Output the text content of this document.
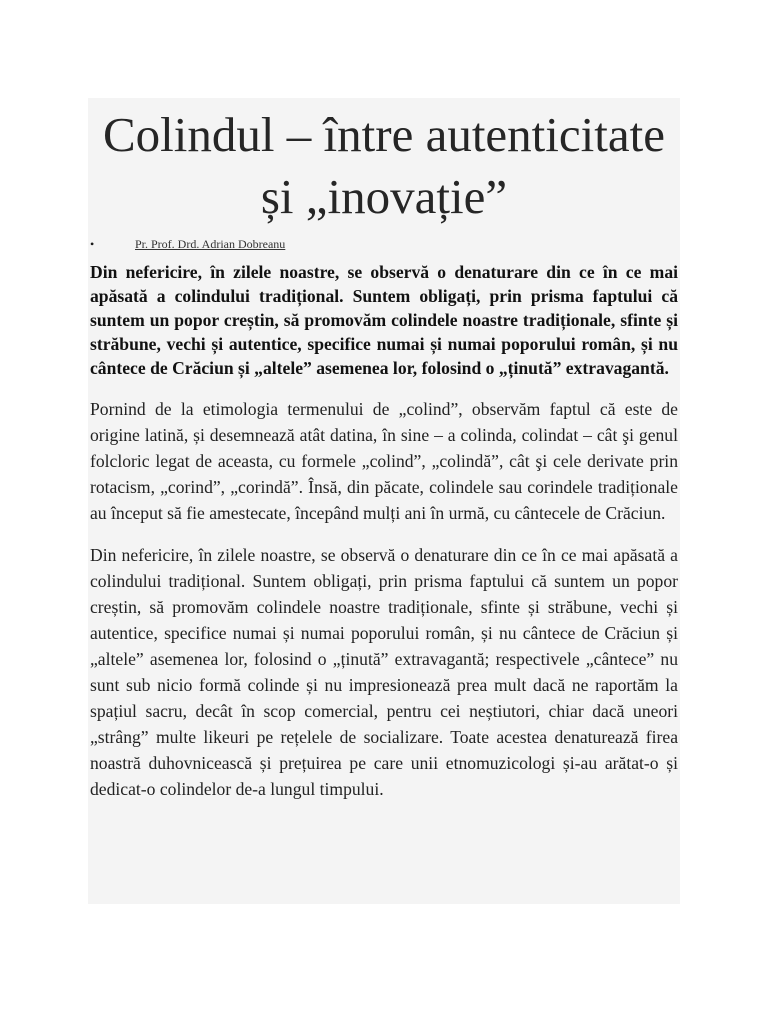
Colindul – între autenticitate și „inovație”
•	Pr. Prof. Drd. Adrian Dobreanu

Din nefericire, în zilele noastre, se observă o denaturare din ce în ce mai apăsată a colindului tradițional. Suntem obligați, prin prisma faptului că suntem un popor creștin, să promovăm colindele noastre tradiționale, sfinte și străbune, vechi și autentice, specifice numai și numai poporului român, și nu cântece de Crăciun și „altele” asemenea lor, folosind o „ținută” extravagantă.

Pornind de la etimologia termenului de „colind”, observăm faptul că este de origine latină, și desemnează atât datina, în sine – a colinda, colindat – cât şi genul folcloric legat de aceasta, cu formele „colind”, „colindă”, cât şi cele derivate prin rotacism, „corind”, „corindă”. Însă, din păcate, colindele sau corindele tradiționale au început să fie amestecate, începând mulți ani în urmă, cu cântecele de Crăciun.

Din nefericire, în zilele noastre, se observă o denaturare din ce în ce mai apăsată a colindului tradițional. Suntem obligați, prin prisma faptului că suntem un popor creștin, să promovăm colindele noastre tradiționale, sfinte și străbune, vechi și autentice, specifice numai și numai poporului român, și nu cântece de Crăciun și „altele” asemenea lor, folosind o „ținută” extravagantă; respectivele „cântece” nu sunt sub nicio formă colinde și nu impresionează prea mult dacă ne raportăm la spațiul sacru, decât în scop comercial, pentru cei neștiutori, chiar dacă uneori „strâng” multe likeuri pe rețelele de socializare. Toate acestea denaturează firea noastră duhovnicească și prețuirea pe care unii etnomuzicologi și-au arătat-o și dedicat-o colindelor de-a lungul timpului.
